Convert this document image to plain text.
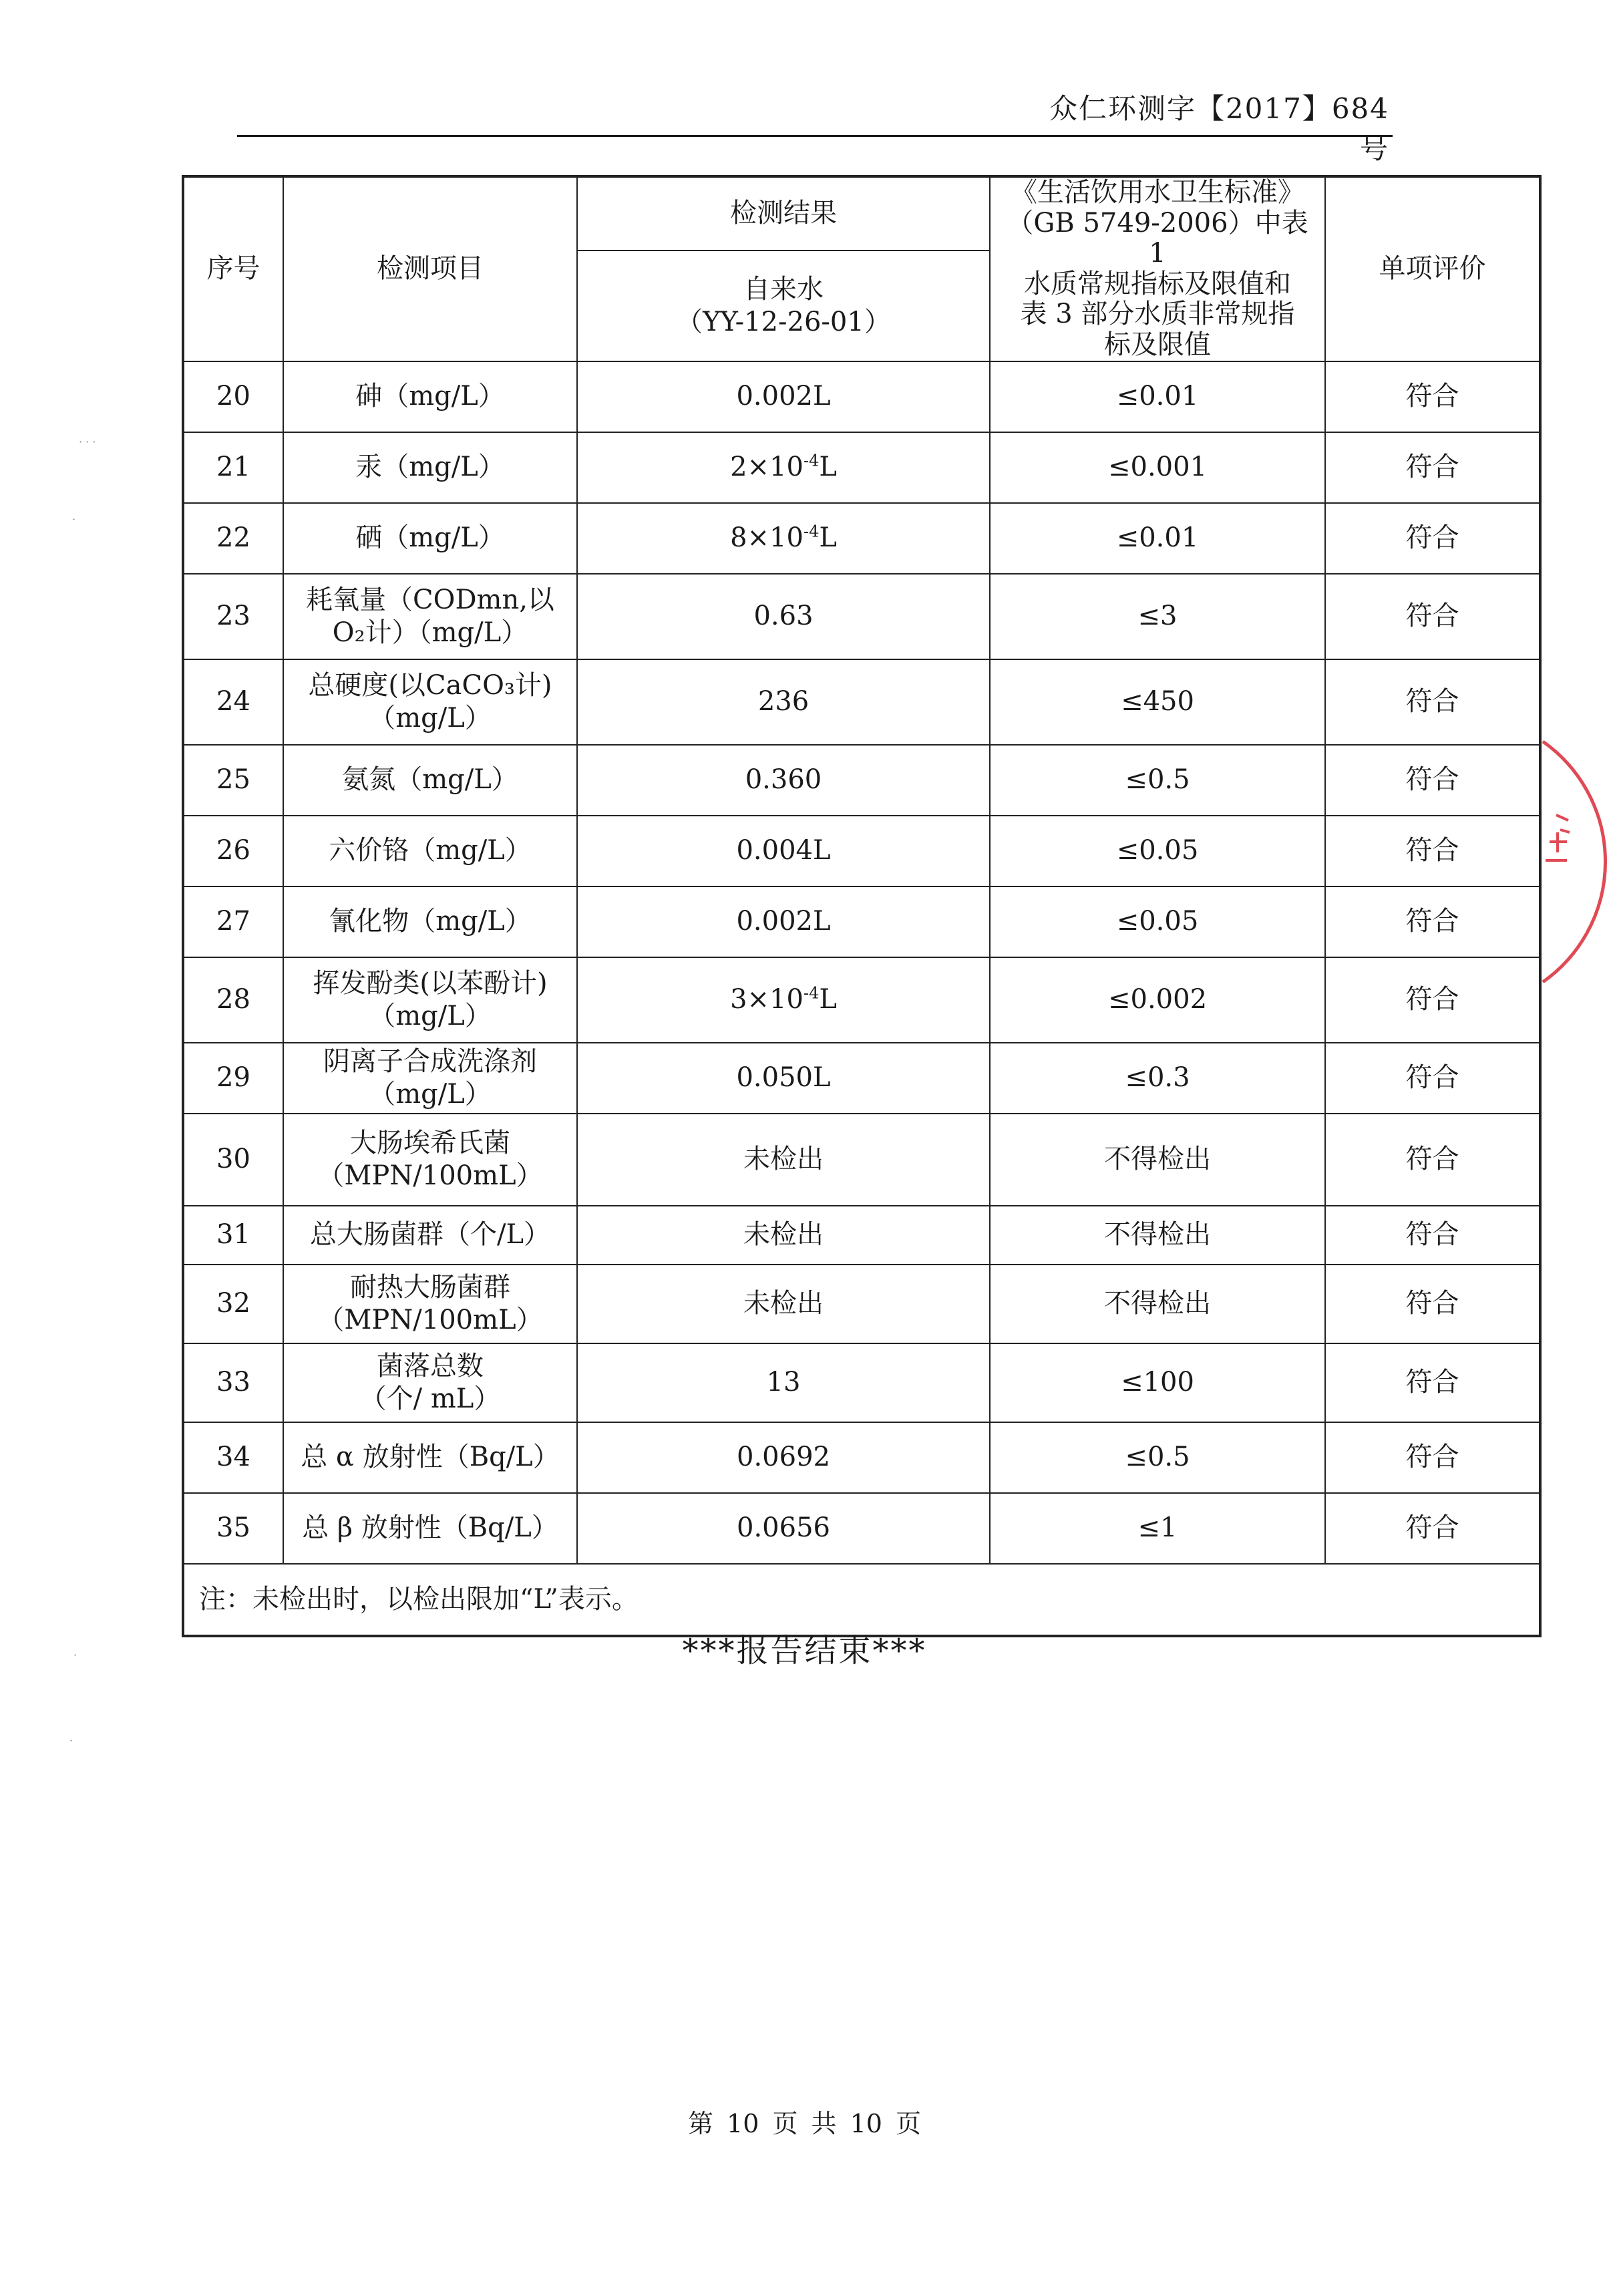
众仁环测字【2017】684 号
序号	检测项目	检测结果	《生活饮用水卫生标准》
（GB 5749-2006）中表 1
水质常规指标及限值和
表 3 部分水质非常规指
标及限值	单项评价

		自来水
（YY-12-26-01）		

20	砷（mg/L）	0.002L	≤0.01	符合
21	汞（mg/L）	$2\times 10^{-4}L$	≤0.001	符合
22	硒（mg/L）	$8\times 10^{-4}L$	≤0.01	符合
23	耗氧量（CODmn,以
O₂计）（mg/L）	0.63	≤3	符合
24	总硬度(以CaCO₃计)
（mg/L）	236	≤450	符合
25	氨氮（mg/L）	0.360	≤0.5	符合
26	六价铬（mg/L）	0.004L	≤0.05	符合
27	氰化物（mg/L）	0.002L	≤0.05	符合
28	挥发酚类(以苯酚计)
（mg/L）	$3\times 10^{-4}L$	≤0.002	符合
29	阴离子合成洗涤剂
（mg/L）	0.050L	≤0.3	符合
30	大肠埃希氏菌
（MPN/100mL）	未检出	不得检出	符合
31	总大肠菌群（个/L）	未检出	不得检出	符合
32	耐热大肠菌群
（MPN/100mL）	未检出	不得检出	符合
33	菌落总数
（个/ mL）	13	≤100	符合
34	总 α 放射性（Bq/L）	0.0692	≤0.5	符合
35	总 β 放射性（Bq/L）	0.0656	≤1	符合
注：未检出时，以检出限加“L”表示。				
***报告结束***
第 10 页 共 10 页
· · ·
·
·
·
